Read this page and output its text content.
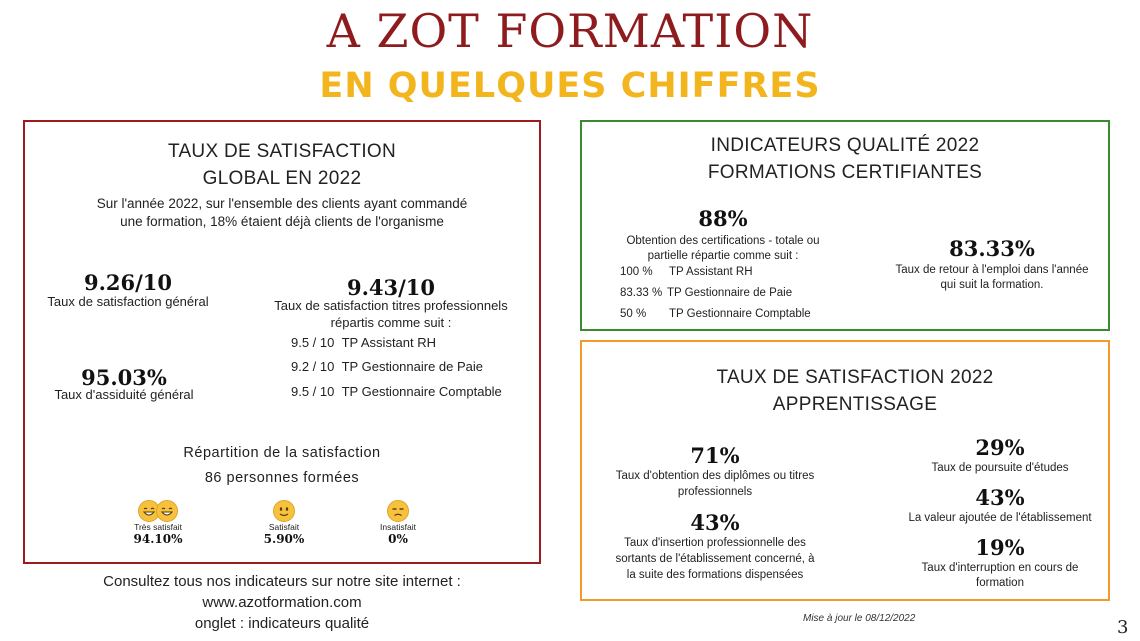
A ZOT FORMATION
EN QUELQUES CHIFFRES
TAUX DE SATISFACTION
GLOBAL EN 2022
Sur l'année 2022, sur l'ensemble des clients ayant commandé
une formation, 18% étaient déjà clients de l'organisme
9.26/10
Taux de satisfaction général
9.43/10
Taux de satisfaction titres professionnels
répartis comme suit :
9.5 / 10 TP Assistant RH
9.2 / 10 TP Gestionnaire de Paie
9.5 / 10 TP Gestionnaire Comptable
95.03%
Taux d'assiduité général
Répartition de la satisfaction
86 personnes formées
Très satisfait
94.10%
Satisfait
5.90%
Insatisfait
0%
INDICATEURS QUALITÉ 2022
FORMATIONS CERTIFIANTES
88%
Obtention des certifications - totale ou
partielle répartie comme suit :
100 % TP Assistant RH
83.33 % TP Gestionnaire de Paie
50 % TP Gestionnaire Comptable
83.33%
Taux de retour à l'emploi dans l'année
qui suit la formation.
TAUX DE SATISFACTION 2022
APPRENTISSAGE
71%
Taux d'obtention des diplômes ou titres
professionnels
43%
Taux d'insertion professionnelle des
sortants de l'établissement concerné, à
la suite des formations dispensées
29%
Taux de poursuite d'études
43%
La valeur ajoutée de l'établissement
19%
Taux d'interruption en cours de
formation
Consultez tous nos indicateurs sur notre site internet :
www.azotformation.com
onglet : indicateurs qualité	Mise à jour le 08/12/2022	3
